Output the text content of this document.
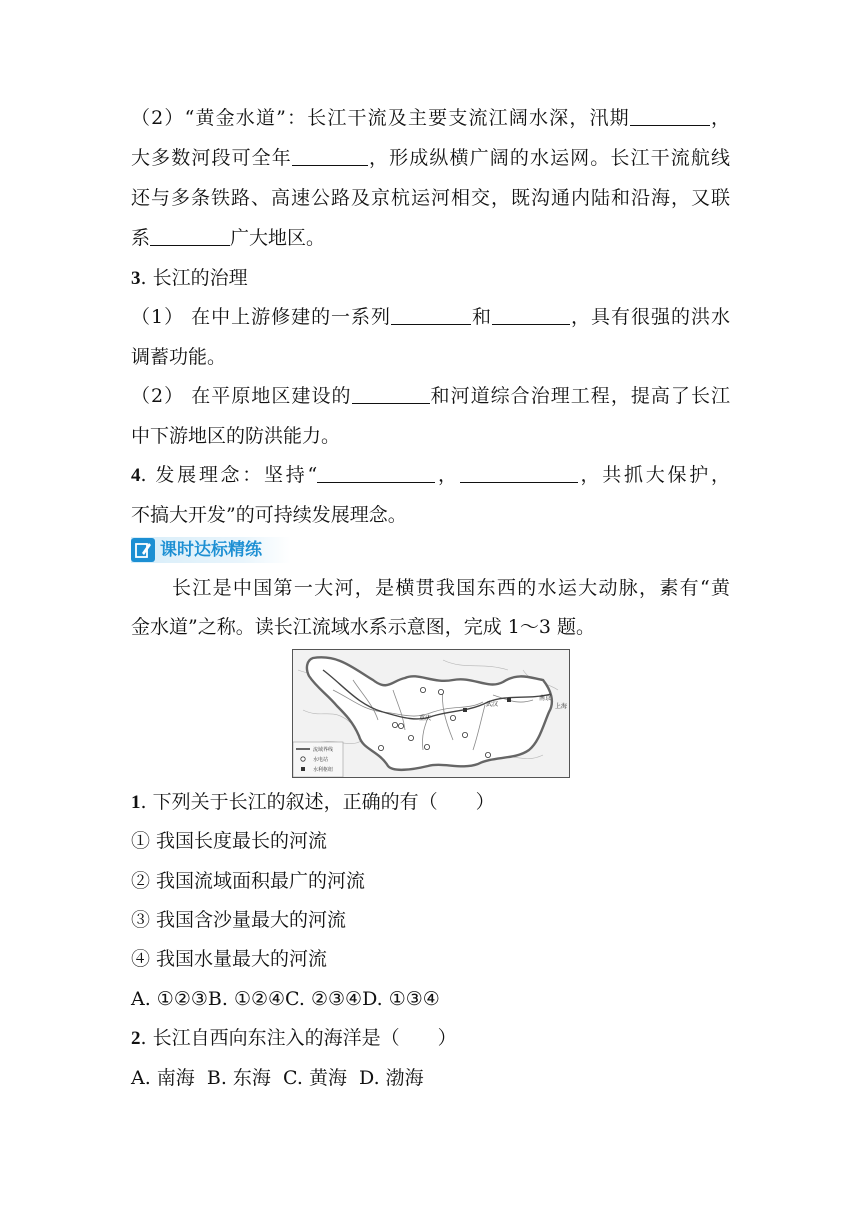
（2）“黄金水道”：长江干流及主要支流江阔水深，汛期	，
大多数河段可全年	，形成纵横广阔的水运网。长江干流航线
还与多条铁路、高速公路及京杭运河相交，既沟通内陆和沿海，又联
系	广大地区。
3. 长江的治理
（1） 在中上游修建的一系列	和	，具有很强的洪水
调蓄功能。
（2） 在平原地区建设的	和河道综合治理工程，提高了长江
中下游地区的防洪能力。
4. 发展理念：坚持“	，	，共抓大保护，
不搞大开发”的可持续发展理念。
课时达标精练
长江是中国第一大河，是横贯我国东西的水运大动脉，素有“黄
金水道”之称。读长江流域水系示意图，完成 1～3 题。
重庆
武汉
南京
上海
流域界线
水电站
水利枢纽
1. 下列关于长江的叙述，正确的有（　　）
① 我国长度最长的河流
② 我国流域面积最广的河流
③ 我国含沙量最大的河流
④ 我国水量最大的河流
A. ①②③B. ①②④C. ②③④D. ①③④
2. 长江自西向东注入的海洋是（　　）
A. 南海  B. 东海  C. 黄海  D. 渤海
